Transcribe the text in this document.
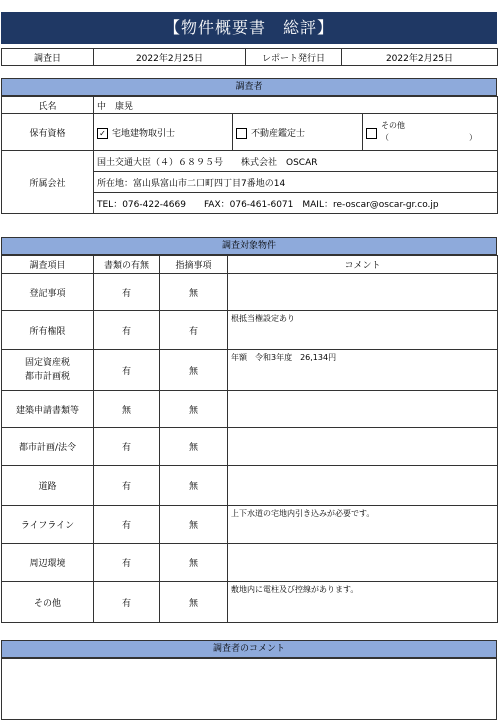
【物件概要書　総評】
調査日	2022年2月25日	レポート発行日	2022年2月25日
調査者
氏名	中　康晃		
保有資格	✓ 宅地建物取引士	不動産鑑定士	その他
（　　　　　　　　　　）
所属会社	国土交通大臣（４）６８９５号　　株式会社　OSCAR		
	所在地：富山県富山市二口町四丁目7番地の14		
	TEL：076-422-4669　　FAX：076-461-6071　MAIL：re-oscar@oscar-gr.co.jp		
調査対象物件
調査項目	書類の有無	指摘事項	コメント
登記事項	有	無	
所有権限	有	有	根抵当権設定あり
固定資産税
都市計画税	有	無	年額　令和3年度　26,134円
建築申請書類等	無	無	
都市計画/法令	有	無	
道路	有	無	
ライフライン	有	無	上下水道の宅地内引き込みが必要です。
周辺環境	有	無	
その他	有	無	敷地内に電柱及び控線があります。
調査者のコメント
